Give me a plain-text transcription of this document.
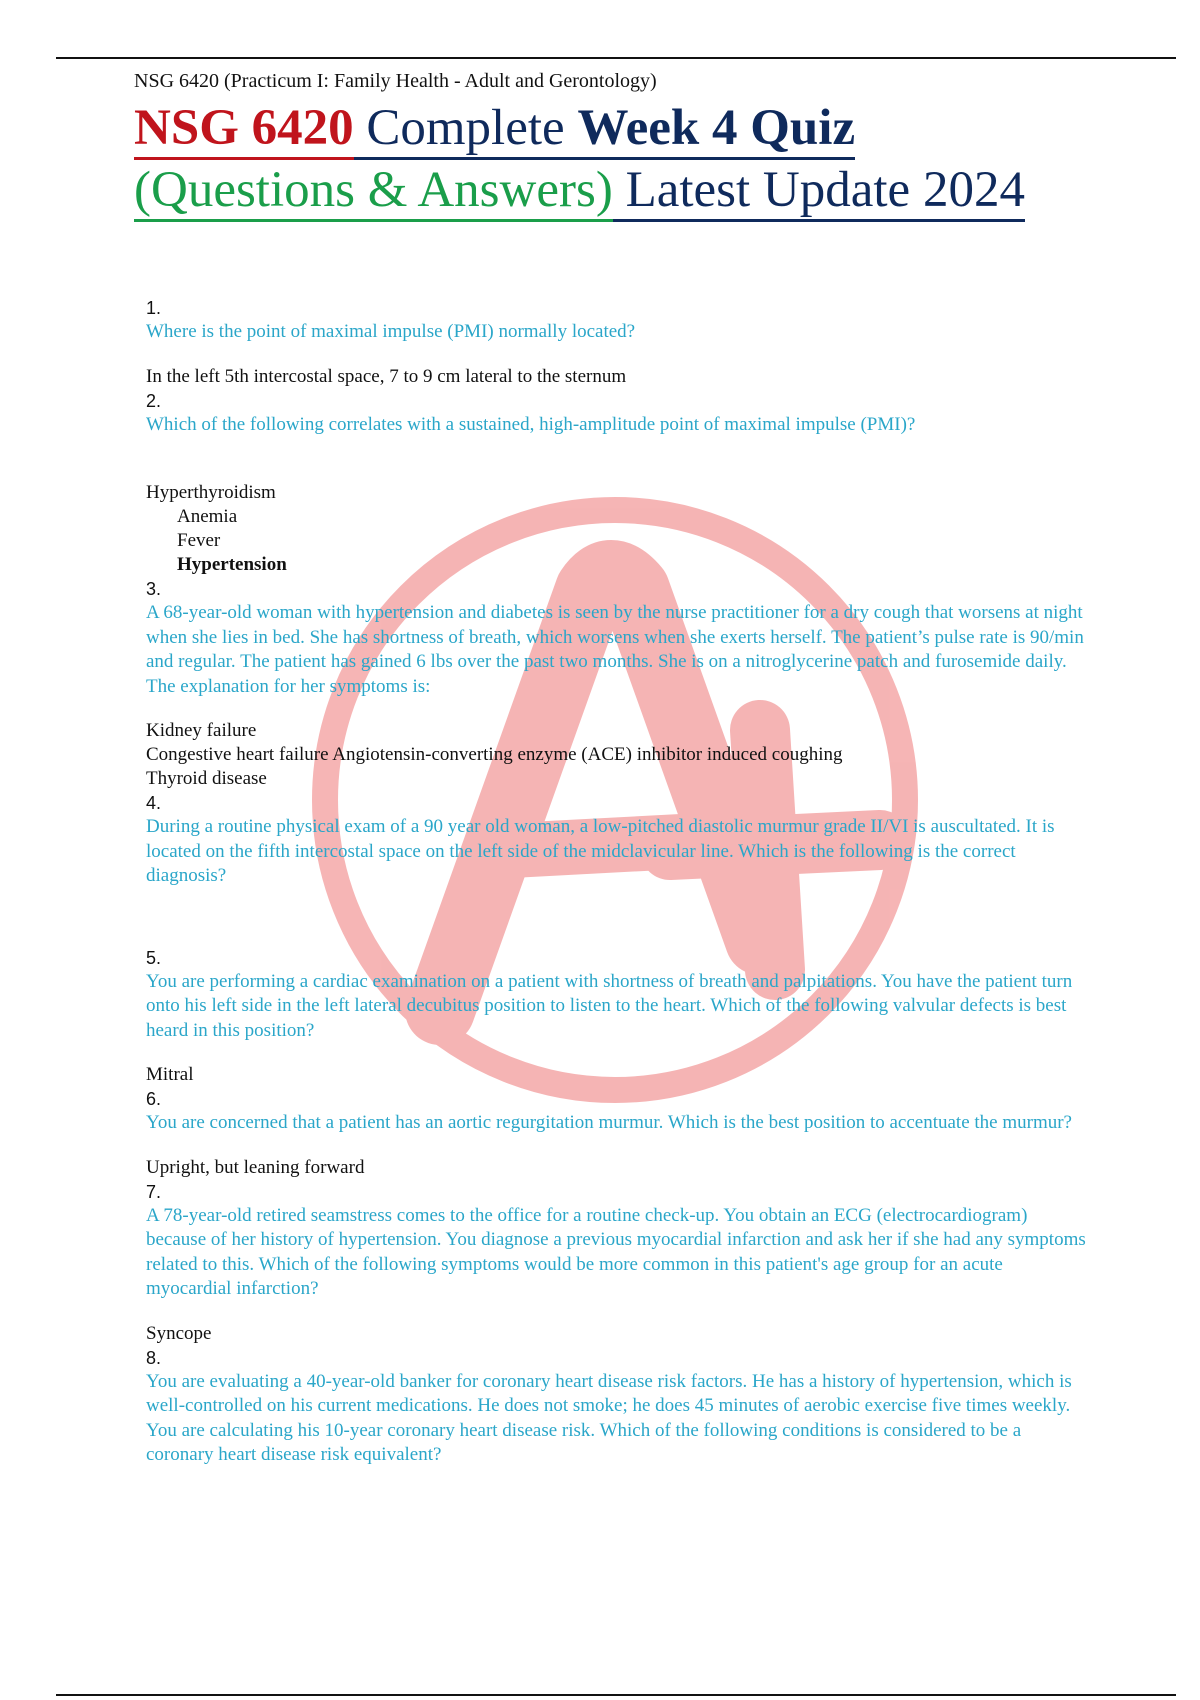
NSG 6420 (Practicum I: Family Health - Adult and Gerontology)
NSG 6420 Complete Week 4 Quiz
(Questions & Answers) Latest Update 2024
1.
Where is the point of maximal impulse (PMI) normally located?
In the left 5th intercostal space, 7 to 9 cm lateral to the sternum
2.
Which of the following correlates with a sustained, high-amplitude point of maximal impulse (PMI)?
Hyperthyroidism
Anemia
Fever
Hypertension
3.
A 68-year-old woman with hypertension and diabetes is seen by the nurse practitioner for a dry cough that worsens at night when she lies in bed. She has shortness of breath, which worsens when she exerts herself. The patient’s pulse rate is 90/min and regular. The patient has gained 6 lbs over the past two months. She is on a nitroglycerine patch and furosemide daily. The explanation for her symptoms is:
Kidney failure
Congestive heart failure Angiotensin-converting enzyme (ACE) inhibitor induced coughing
Thyroid disease
4.
During a routine physical exam of a 90 year old woman, a low-pitched diastolic murmur grade II/VI is auscultated. It is located on the fifth intercostal space on the left side of the midclavicular line. Which is the following is the correct diagnosis?
5.
You are performing a cardiac examination on a patient with shortness of breath and palpitations. You have the patient turn onto his left side in the left lateral decubitus position to listen to the heart. Which of the following valvular defects is best heard in this position?
Mitral
6.
You are concerned that a patient has an aortic regurgitation murmur. Which is the best position to accentuate the murmur?
Upright, but leaning forward
7.
A 78-year-old retired seamstress comes to the office for a routine check-up. You obtain an ECG (electrocardiogram) because of her history of hypertension. You diagnose a previous myocardial infarction and ask her if she had any symptoms related to this. Which of the following symptoms would be more common in this patient's age group for an acute myocardial infarction?
Syncope
8.
You are evaluating a 40-year-old banker for coronary heart disease risk factors. He has a history of hypertension, which is well-controlled on his current medications. He does not smoke; he does 45 minutes of aerobic exercise five times weekly. You are calculating his 10-year coronary heart disease risk. Which of the following conditions is considered to be a coronary heart disease risk equivalent?
